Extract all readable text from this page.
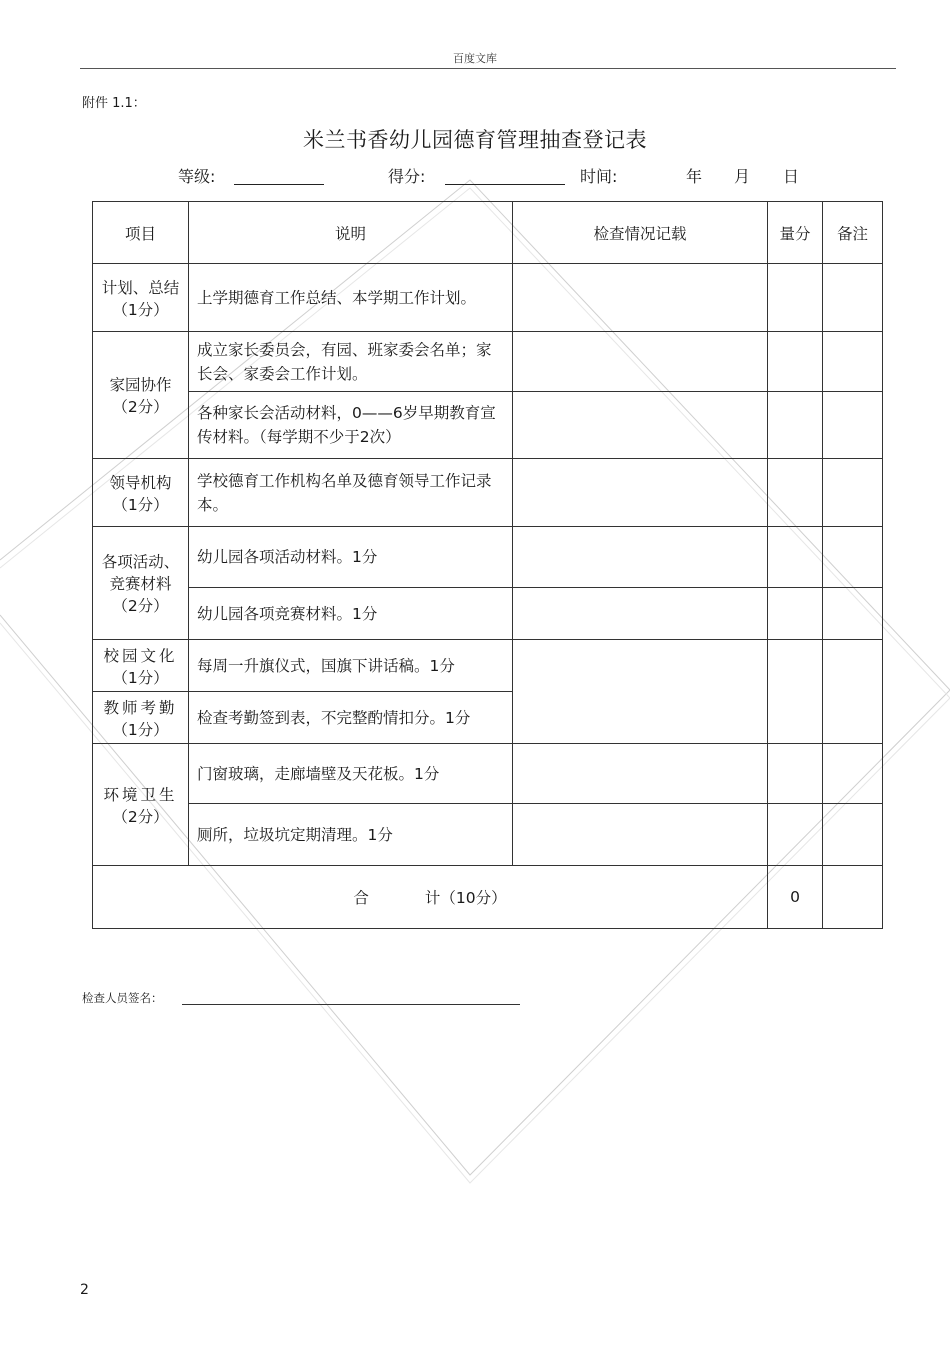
百度文库
附件 1.1：
米兰书香幼儿园德育管理抽查登记表
等级:	得分:	时间:	年 月 日
项目	说明	检查情况记载	量分	备注

计划、总结
（1分）	上学期德育工作总结、本学期工作计划。			

家园协作
（2分）	成立家长委员会，有园、班家委会名单；家长会、家委会工作计划。			
	各种家长会活动材料，0——6岁早期教育宣传材料。（每学期不少于2次）			

领导机构
（1分）	学校德育工作机构名单及德育领导工作记录本。			

各项活动、
竞赛材料
（2分）	幼儿园各项活动材料。1分			
	幼儿园各项竞赛材料。1分			

校园文化
（1分）	每周一升旗仪式，国旗下讲话稿。1分			

教师考勤
（1分）	检查考勤签到表，不完整酌情扣分。1分			

环境卫生
（2分）	门窗玻璃，走廊墙壁及天花板。1分			
	厕所，垃圾坑定期清理。1分			
合 计（10分）			0	
检查人员签名：
2
